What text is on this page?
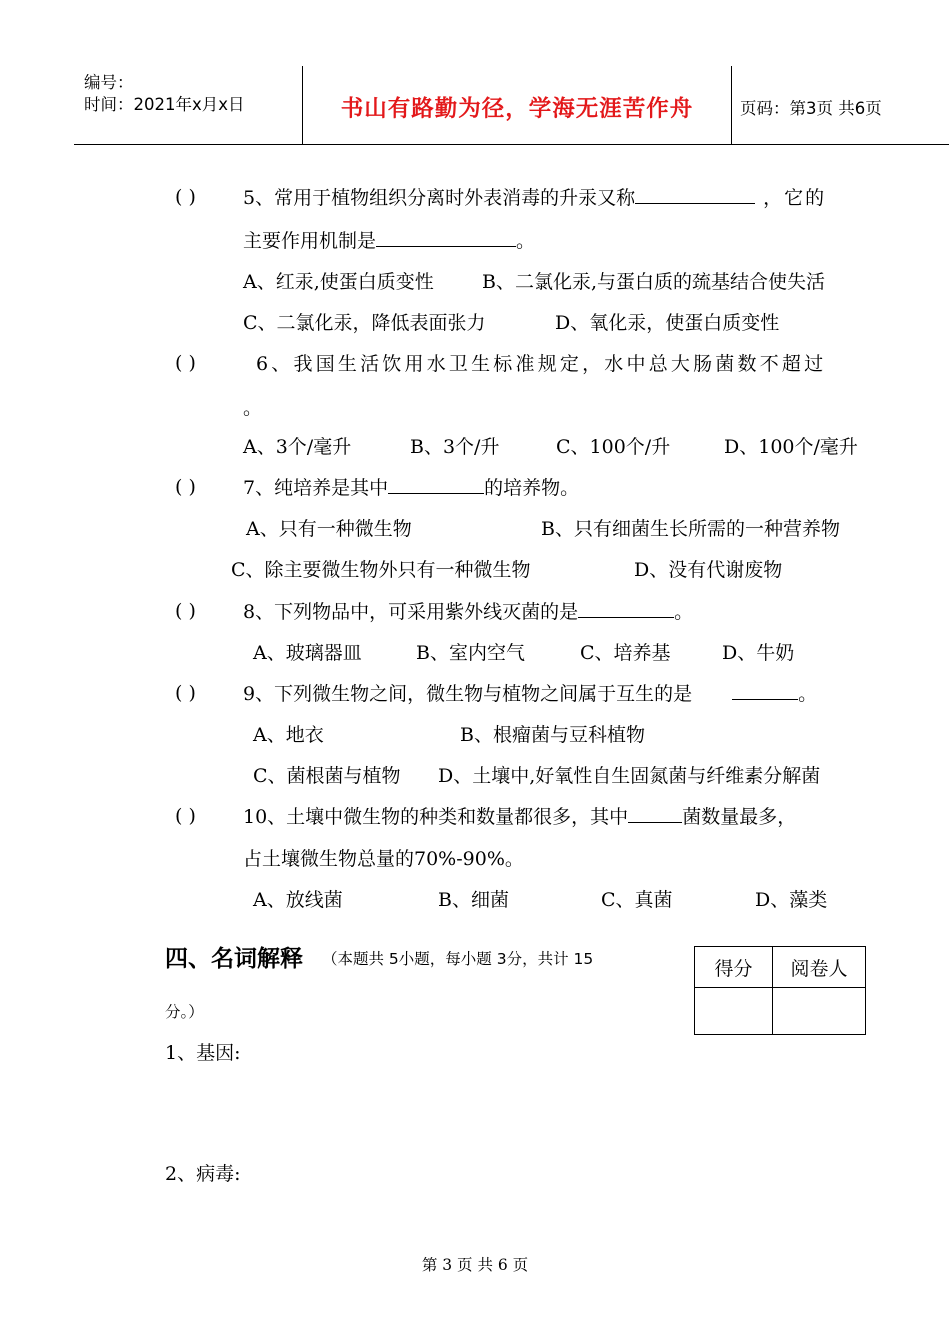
编号：
时间：2021年x月x日	书山有路勤为径，学海无涯苦作舟	页码：第3页 共6页
( ) 5、常用于植物组织分离时外表消毒的升汞又称	，它的
主要作用机制是	。
A、红汞,使蛋白质变性	B、二氯化汞,与蛋白质的巯基结合使失活
C、二氯化汞，降低表面张力	D、氧化汞，使蛋白质变性
( )	6、我国生活饮用水卫生标准规定，水中总大肠菌数不超过
。
A、3个/毫升	B、3个/升	C、100个/升	D、100个/毫升
( ) 7、纯培养是其中	的培养物。
A、只有一种微生物	B、只有细菌生长所需的一种营养物
C、除主要微生物外只有一种微生物	D、没有代谢废物
( ) 8、下列物品中，可采用紫外线灭菌的是	。
A、玻璃器皿	B、室内空气	C、培养基	D、牛奶
( ) 9、下列微生物之间，微生物与植物之间属于互生的是	。
A、地衣	B、根瘤菌与豆科植物
C、菌根菌与植物 D、土壤中,好氧性自生固氮菌与纤维素分解菌
( ) 10、土壤中微生物的种类和数量都很多，其中	菌数量最多，
占土壤微生物总量的70%-90%。
A、放线菌	B、细菌	C、真菌	D、藻类
四、名词解释 （本题共 5小题，每小题 3分，共计 15
分。）
得分	阅卷人

1、基因:
2、病毒:
第 3 页 共 6 页
